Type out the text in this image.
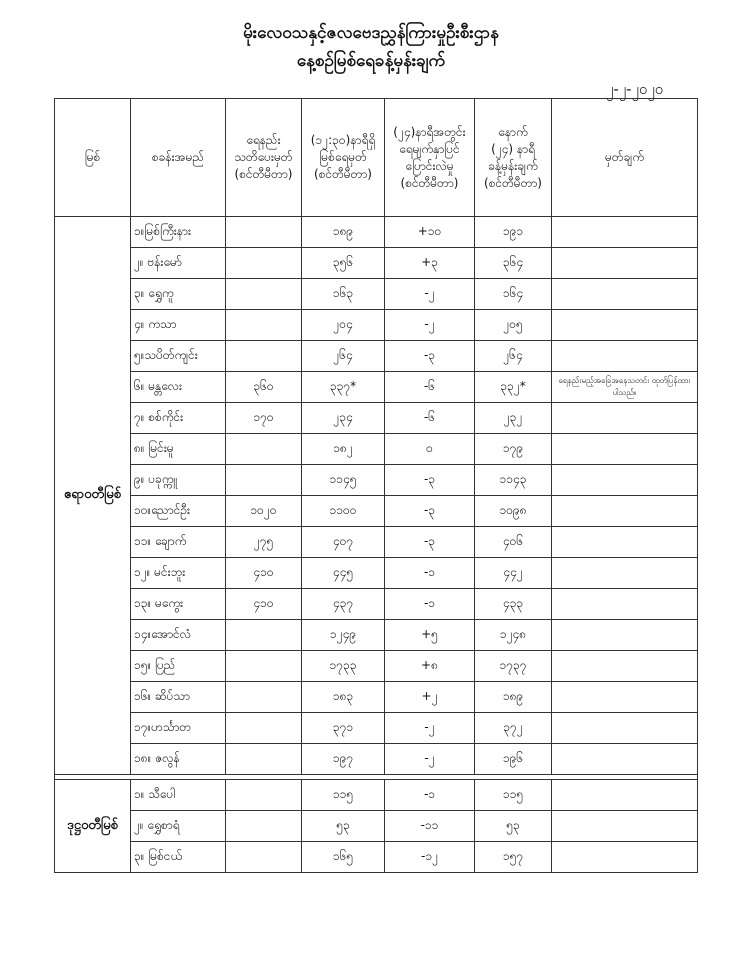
မိုးလေဝသနှင့်ဇလဗေဒညွှန်ကြားမှုဦးစီးဌာန
နေ့စဉ်မြစ်ရေခန့်မှန်းချက်
၂-၂-၂၀၂၀
မြစ်	စခန်းအမည်	ရေနည်း
သတိပေးမှတ်
(စင်တီမီတာ)	(၁၂:၃၀)နာရီရှိ
မြစ်ရေမှတ်
(စင်တီမီတာ)	(၂၄)နာရီအတွင်း
ရေမျက်နှာပြင်
ပြောင်းလဲမှု
(စင်တီမီတာ)	နောက်
(၂၄) နာရီ
ခန့်မှန်းချက်
(စင်တီမီတာ)	မှတ်ချက်
ဧရာဝတီမြစ်	၁။မြစ်ကြီးနား		၁၈၉	+၁၀	၁၉၁	
	၂။ ဗန်းမော်		၃၅၆	+၃	၃၆၄	
	၃။ ရွှေကူ		၁၆၃	-၂	၁၆၄	
	၄။ ကသာ		၂၀၄	-၂	၂၀၅	
	၅။သပိတ်ကျင်း		၂၆၄	-၃	၂၆၄	
	၆။ မန္တလေး	၃၆၀	၃၃၇*	-၆	၃၃၂*	ရေနည်းမည့်အခြေအနေသတင်း ထုတ်ပြန်ထားပါသည်။
	၇။ စစ်ကိုင်း	၁၇၀	၂၃၄	-၆	၂၃၂	
	၈။ မြင်းမူ		၁၈၂	၀	၁၇၉	
	၉။ ပခုက္ကူ		၁၁၄၅	-၃	၁၁၄၃	
	၁၀။ညောင်ဦး	၁၀၂၀	၁၁၀၀	-၃	၁၀၉၈	
	၁၁။ ချောက်	၂၇၅	၄၀၇	-၃	၄၀၆	
	၁၂။ မင်းဘူး	၄၁၀	၄၄၅	-၁	၄၄၂	
	၁၃။ မကွေး	၄၁၀	၄၃၇	-၁	၄၃၃	
	၁၄။အောင်လံ		၁၂၄၉	+၅	၁၂၄၈	
	၁၅။ ပြည်		၁၇၃၃	+၈	၁၇၃၇	
	၁၆။ ဆိပ်သာ		၁၈၃	+၂	၁၈၉	
	၁၇။ဟင်္သာတ		၃၇၁	-၂	၃၇၂	
	၁၈။ ဇလွန်		၁၉၇	-၂	၁၉၆	

ဒုဋ္ဌဝတီမြစ်	၁။ သီပေါ		၁၁၅	-၁	၁၁၅	
	၂။ ရွှေစာရံ		၅၃	-၁၁	၅၃	
	၃။ မြစ်ငယ်		၁၆၅	-၁၂	၁၅၇	
